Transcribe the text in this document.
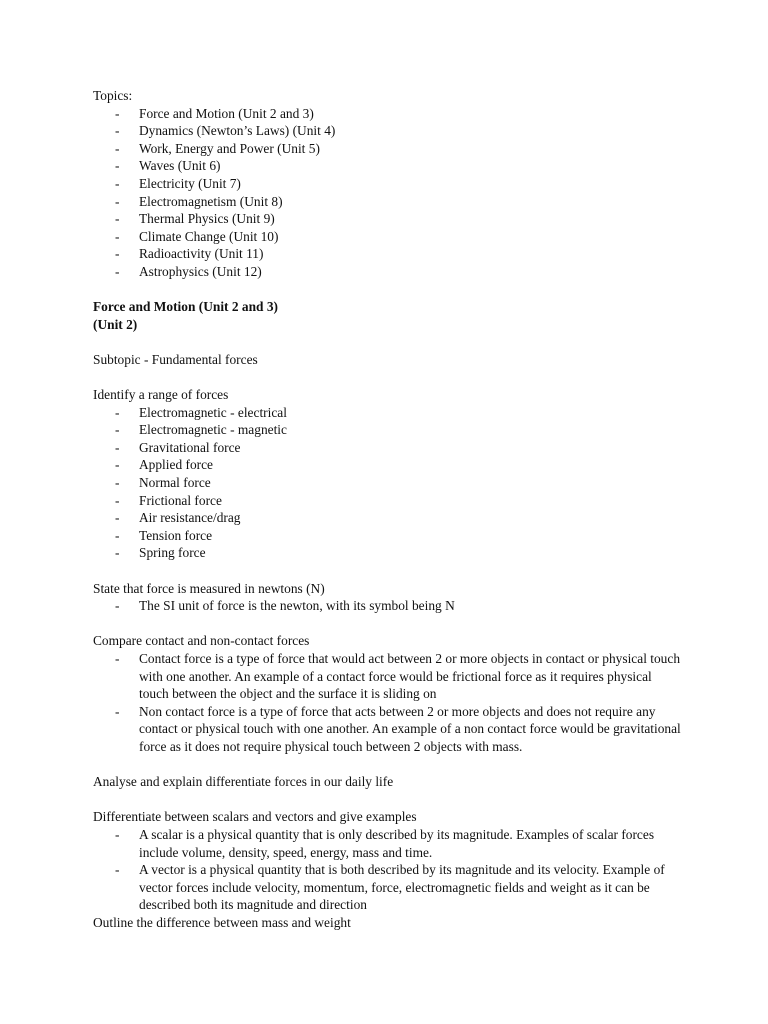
Topics:

- Force and Motion (Unit 2 and 3)
- Dynamics (Newton’s Laws) (Unit 4)
- Work, Energy and Power (Unit 5)
- Waves (Unit 6)
- Electricity (Unit 7)
- Electromagnetism (Unit 8)
- Thermal Physics (Unit 9)
- Climate Change (Unit 10)
- Radioactivity (Unit 11)
- Astrophysics (Unit 12)

Force and Motion (Unit 2 and 3)

(Unit 2)

Subtopic - Fundamental forces

Identify a range of forces

- Electromagnetic - electrical
- Electromagnetic - magnetic
- Gravitational force
- Applied force
- Normal force
- Frictional force
- Air resistance/drag
- Tension force
- Spring force

State that force is measured in newtons (N)

- The SI unit of force is the newton, with its symbol being N

Compare contact and non-contact forces

- Contact force is a type of force that would act between 2 or more objects in contact or physical touch with one another. An example of a contact force would be frictional force as it requires physical touch between the object and the surface it is sliding on
- Non contact force is a type of force that acts between 2 or more objects and does not require any contact or physical touch with one another. An example of a non contact force would be gravitational force as it does not require physical touch between 2 objects with mass.

Analyse and explain differentiate forces in our daily life

Differentiate between scalars and vectors and give examples

- A scalar is a physical quantity that is only described by its magnitude. Examples of scalar forces include volume, density, speed, energy, mass and time.
- A vector is a physical quantity that is both described by its magnitude and its velocity. Example of vector forces include velocity, momentum, force, electromagnetic fields and weight as it can be described both its magnitude and direction

Outline the difference between mass and weight
